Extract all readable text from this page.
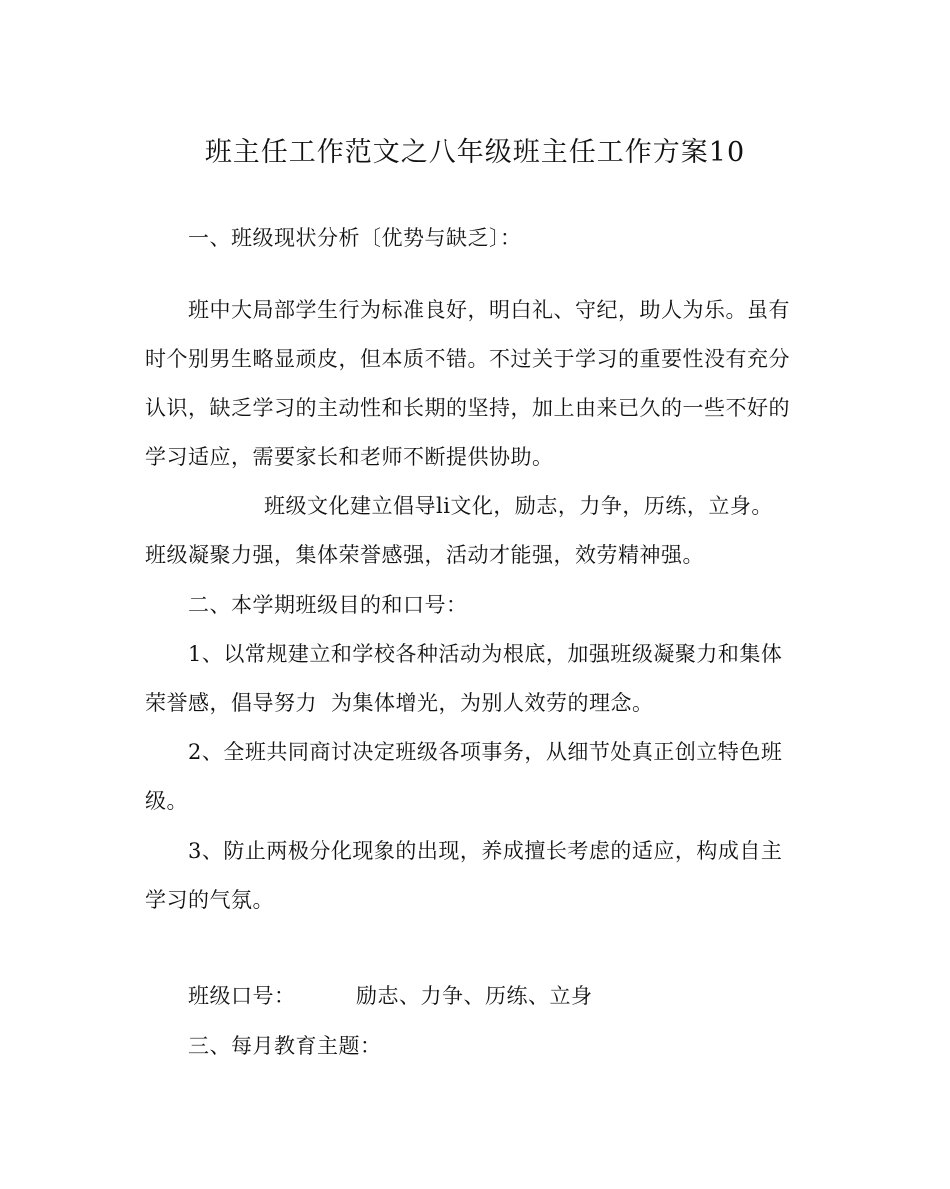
班主任工作范文之八年级班主任工作方案10
一、班级现状分析〔优势与缺乏〕：
班中大局部学生行为标准良好，明白礼、守纪，助人为乐。虽有
时个别男生略显顽皮，但本质不错。不过关于学习的重要性没有充分
认识，缺乏学习的主动性和长期的坚持，加上由来已久的一些不好的
学习适应，需要家长和老师不断提供协助。
班级文化建立倡导li文化，励志，力争，历练，立身。
班级凝聚力强，集体荣誉感强，活动才能强，效劳精神强。
二、本学期班级目的和口号：
1、以常规建立和学校各种活动为根底，加强班级凝聚力和集体
荣誉感，倡导努力 为集体增光，为别人效劳的理念。
2、全班共同商讨决定班级各项事务，从细节处真正创立特色班
级。
3、防止两极分化现象的出现，养成擅长考虑的适应，构成自主
学习的气氛。
班级口号：	励志、力争、历练、立身
三、每月教育主题：
